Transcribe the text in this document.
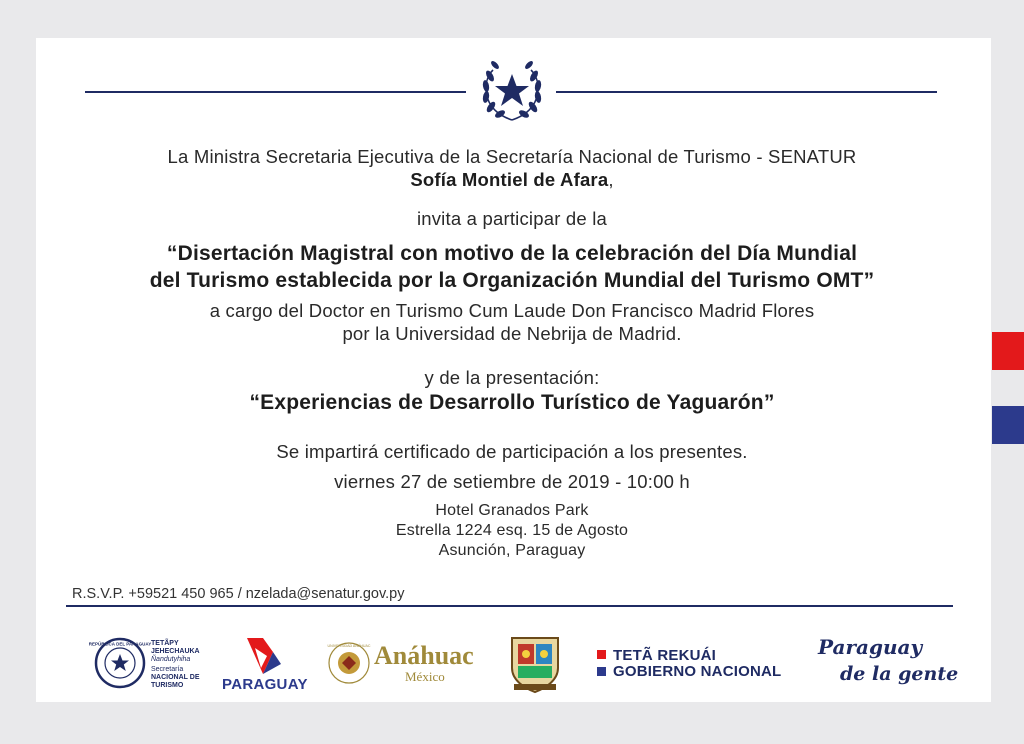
La Ministra Secretaria Ejecutiva de la Secretaría Nacional de Turismo - SENATUR
Sofía Montiel de Afara,
invita a participar de la
“Disertación Magistral con motivo de la celebración del Día Mundial
del Turismo establecida por la Organización Mundial del Turismo OMT”
a cargo del Doctor en Turismo Cum Laude Don Francisco Madrid Flores
por la Universidad de Nebrija de Madrid.
y de la presentación:
“Experiencias de Desarrollo Turístico de Yaguarón”
Se impartirá certificado de participación a los presentes.
viernes 27 de setiembre de 2019 - 10:00 h
Hotel Granados Park
Estrella 1224 esq. 15 de Agosto
Asunción, Paraguay
R.S.V.P. +59521 450 965 / nzelada@senatur.gov.py
REPÚBLICA DEL PARAGUAY TETÃPY
JEHECHAUKA
Ñandutyhiha
Secretaría
NACIONAL DE
TURISMO	PARAGUAY
UNIVERSIDAD ANÁHUAC Anáhuac
México
TETÃ REKUÁI
GOBIERNO NACIONAL
Paraguay
de la gente
